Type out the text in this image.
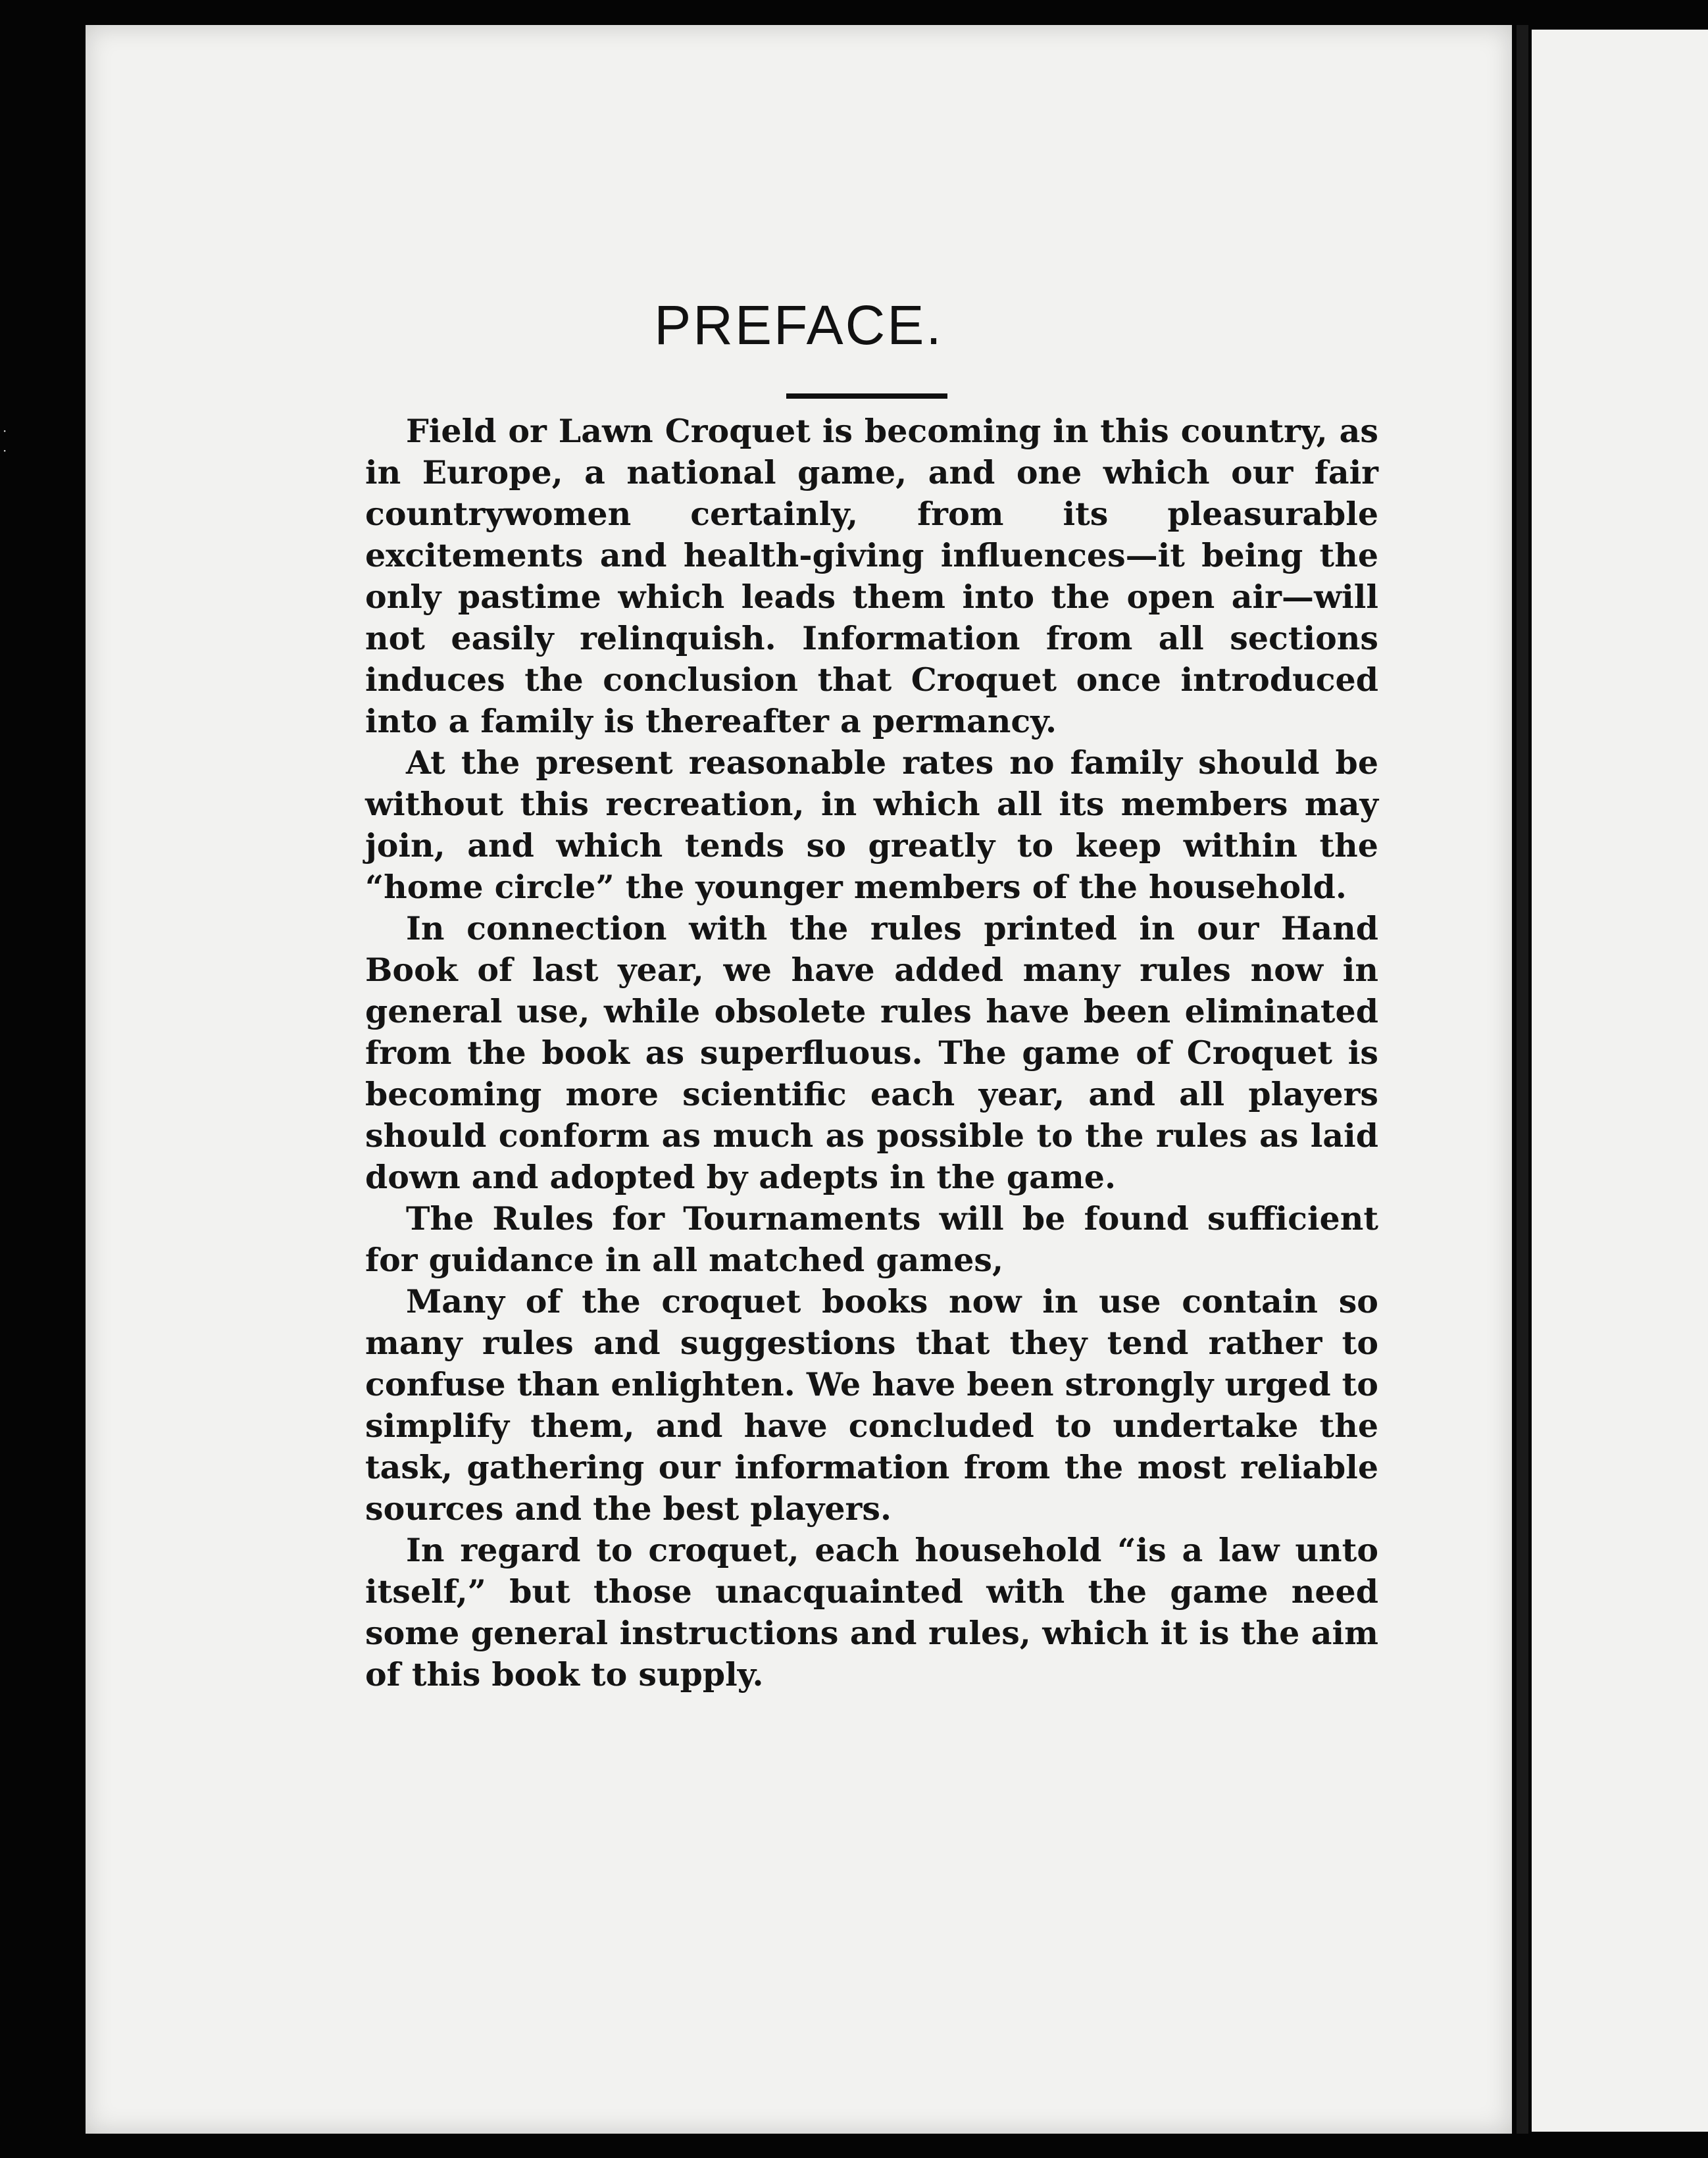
·
·
PREFACE.

Field or Lawn Croquet is becoming in this country, as in Europe, a national game, and one which our fair countrywomen certainly, from its pleasurable excitements and health-giving influences—it being the only pastime which leads them into the open air—will not easily relinquish. Information from all sections induces the conclusion that Croquet once introduced into a family is thereafter a permancy.

At the present reasonable rates no family should be without this recreation, in which all its members may join, and which tends so greatly to keep within the “home circle” the younger members of the household.

In connection with the rules printed in our Hand Book of last year, we have added many rules now in general use, while obsolete rules have been eliminated from the book as superfluous. The game of Croquet is becoming more scientific each year, and all players should conform as much as possible to the rules as laid down and adopted by adepts in the game.

The Rules for Tournaments will be found sufficient for guidance in all matched games,

Many of the croquet books now in use contain so many rules and suggestions that they tend rather to confuse than enlighten. We have been strongly urged to simplify them, and have concluded to undertake the task, gathering our information from the most reliable sources and the best players.

In regard to croquet, each household “is a law unto itself,” but those unacquainted with the game need some general instructions and rules, which it is the aim of this book to supply.
